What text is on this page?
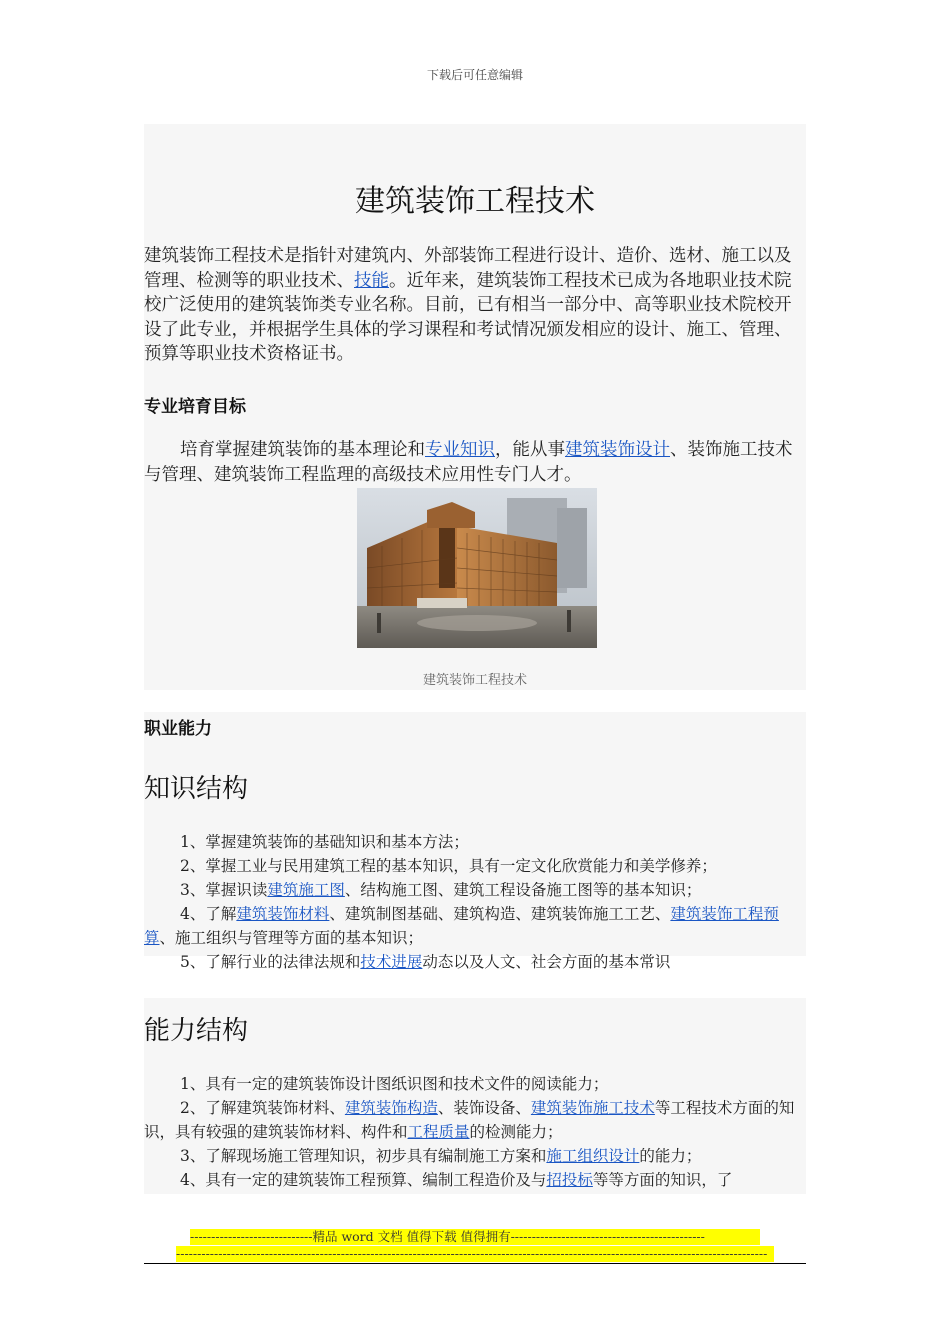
下载后可任意编辑
建筑装饰工程技术
建筑装饰工程技术是指针对建筑内、外部装饰工程进行设计、造价、选材、施工以及管理、检测等的职业技术、技能。近年来，建筑装饰工程技术已成为各地职业技术院校广泛使用的建筑装饰类专业名称。目前，已有相当一部分中、高等职业技术院校开设了此专业，并根据学生具体的学习课程和考试情况颁发相应的设计、施工、管理、预算等职业技术资格证书。
专业培育目标
培育掌握建筑装饰的基本理论和专业知识，能从事建筑装饰设计、装饰施工技术与管理、建筑装饰工程监理的高级技术应用性专门人才。
建筑装饰工程技术
职业能力
知识结构
1、掌握建筑装饰的基础知识和基本方法；
2、掌握工业与民用建筑工程的基本知识，具有一定文化欣赏能力和美学修养；
3、掌握识读建筑施工图、结构施工图、建筑工程设备施工图等的基本知识；
4、了解建筑装饰材料、建筑制图基础、建筑构造、建筑装饰施工工艺、建筑装饰工程预算、施工组织与管理等方面的基本知识；
5、了解行业的法律法规和技术进展动态以及人文、社会方面的基本常识
能力结构
1、具有一定的建筑装饰设计图纸识图和技术文件的阅读能力；
2、了解建筑装饰材料、建筑装饰构造、装饰设备、建筑装饰施工技术等工程技术方面的知识，具有较强的建筑装饰材料、构件和工程质量的检测能力；
3、了解现场施工管理知识，初步具有编制施工方案和施工组织设计的能力；
4、具有一定的建筑装饰工程预算、编制工程造价及与招投标等等方面的知识，了
-----------------------------精品 word 文档 值得下载 值得拥有----------------------------------------------
--------------------------------------------------------------------------------------------------------------------------------------------
